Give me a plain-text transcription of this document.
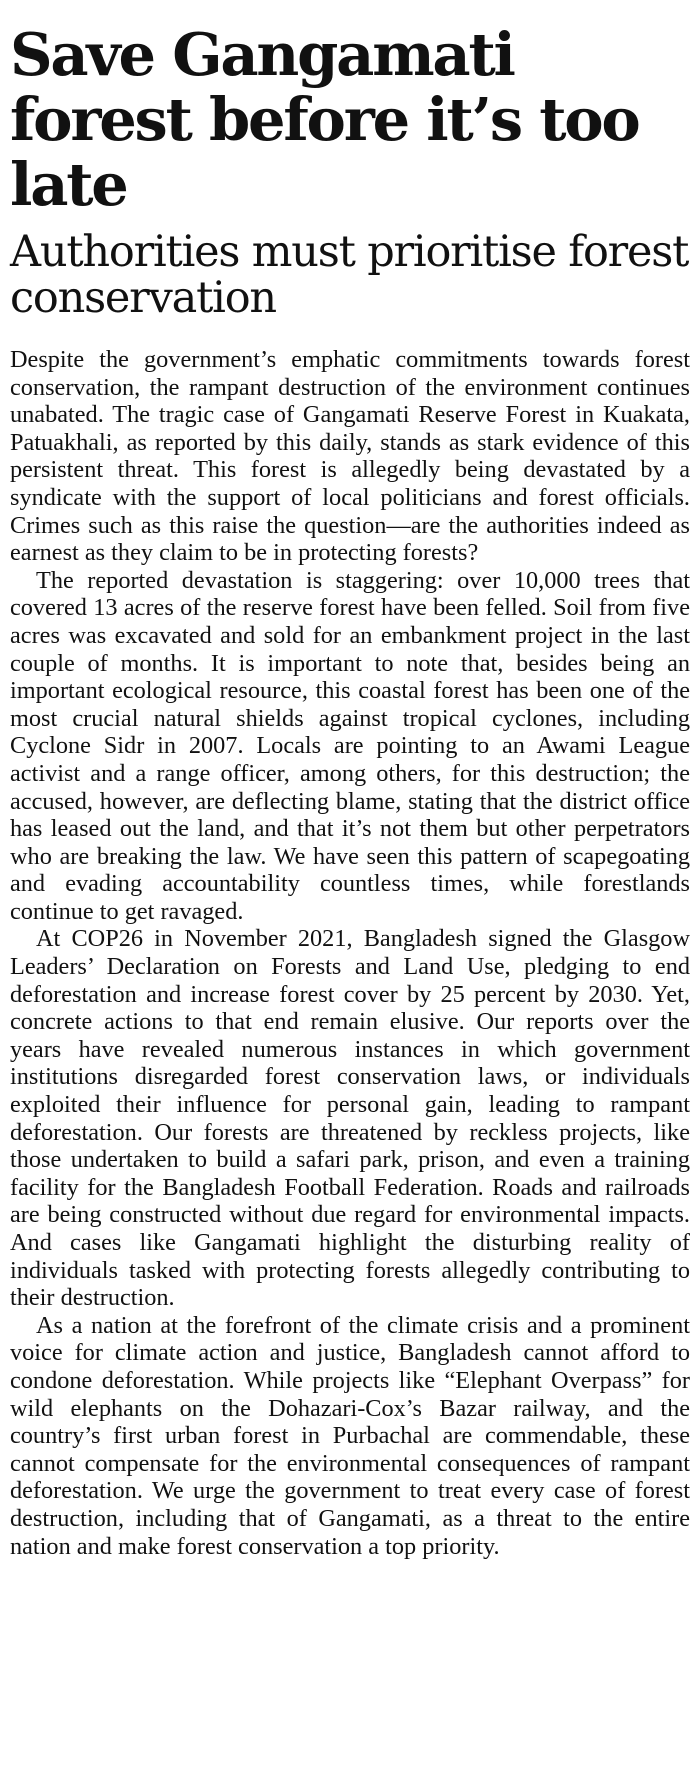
Save Gangamati forest before it’s too late
Authorities must prioritise forest conservation

Despite the government’s emphatic commitments towards forest conservation, the rampant destruction of the environment continues unabated. The tragic case of Gangamati Reserve Forest in Kuakata, Patuakhali, as reported by this daily, stands as stark evidence of this persistent threat. This forest is allegedly being devastated by a syndicate with the support of local politicians and forest officials. Crimes such as this raise the question—are the authorities indeed as earnest as they claim to be in protecting forests?

The reported devastation is staggering: over 10,000 trees that covered 13 acres of the reserve forest have been felled. Soil from five acres was excavated and sold for an embankment project in the last couple of months. It is important to note that, besides being an important ecological resource, this coastal forest has been one of the most crucial natural shields against tropical cyclones, including Cyclone Sidr in 2007. Locals are pointing to an Awami League activist and a range officer, among others, for this destruction; the accused, however, are deflecting blame, stating that the district office has leased out the land, and that it’s not them but other perpetrators who are breaking the law. We have seen this pattern of scapegoating and evading accountability countless times, while forestlands continue to get ravaged.

At COP26 in November 2021, Bangladesh signed the Glasgow Leaders’ Declaration on Forests and Land Use, pledging to end deforestation and increase forest cover by 25 percent by 2030. Yet, concrete actions to that end remain elusive. Our reports over the years have revealed numerous instances in which government institutions disregarded forest conservation laws, or individuals exploited their influence for personal gain, leading to rampant deforestation. Our forests are threatened by reckless projects, like those undertaken to build a safari park, prison, and even a training facility for the Bangladesh Football Federation. Roads and railroads are being constructed without due regard for environmental impacts. And cases like Gangamati highlight the disturbing reality of individuals tasked with protecting forests allegedly contributing to their destruction.

As a nation at the forefront of the climate crisis and a prominent voice for climate action and justice, Bangladesh cannot afford to condone deforestation. While projects like “Elephant Overpass” for wild elephants on the Dohazari-Cox’s Bazar railway, and the country’s first urban forest in Purbachal are commendable, these cannot compensate for the environmental consequences of rampant deforestation. We urge the government to treat every case of forest destruction, including that of Gangamati, as a threat to the entire nation and make forest conservation a top priority.
